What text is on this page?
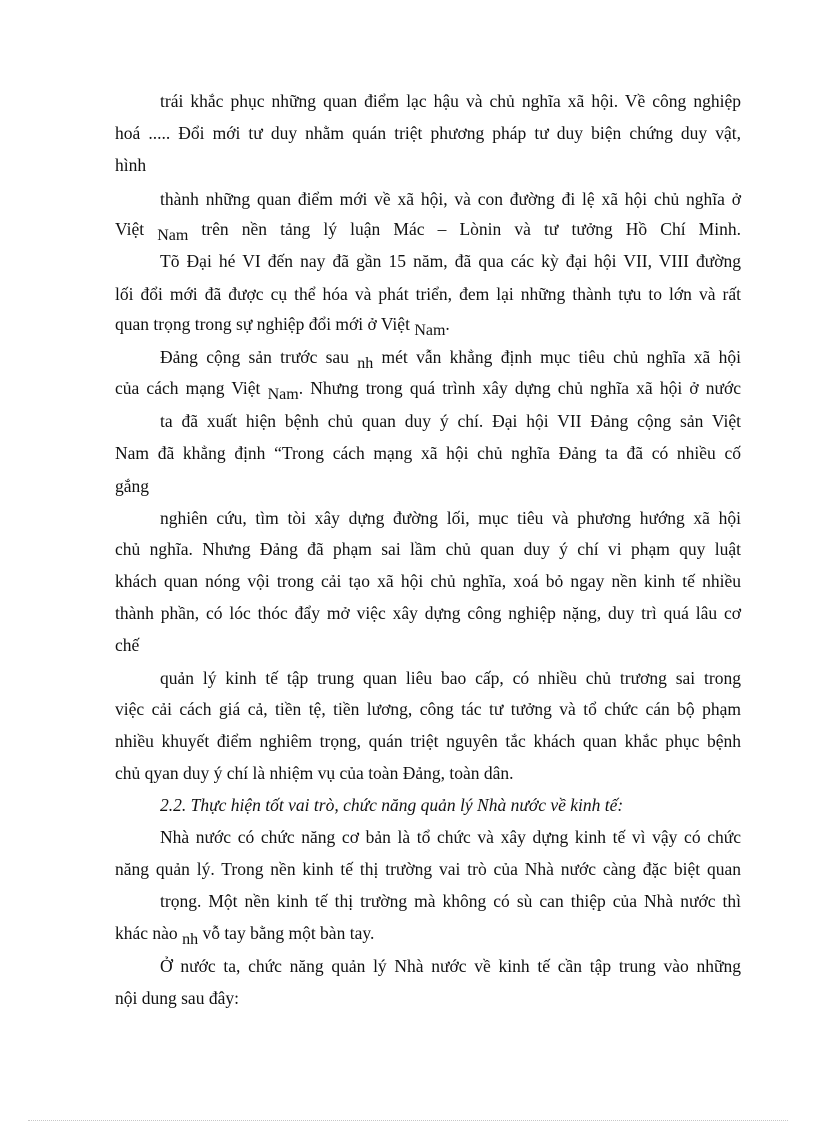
trái khắc phục những quan điểm lạc hậu và chủ nghĩa xã hội. Về công nghiệp
hoá ..... Đổi mới tư duy nhằm quán triệt phương pháp tư duy biện chứng duy vật,
hình
thành những quan điểm mới về xã hội, và con đường đi lệ xã hội chủ nghĩa ở
Việt Nam trên nền tảng lý luận Mác – Lònin và tư tưởng Hồ Chí Minh.
Tõ Đại hé VI đến nay đã gần 15 năm, đã qua các kỳ đại hội VII, VIII đường
lối đổi mới đã được cụ thể hóa và phát triển, đem lại những thành tựu to lớn và rất
quan trọng trong sự nghiệp đổi mới ở Việt Nam.
Đảng cộng sản trước sau nh mét vẫn khẳng định mục tiêu chủ nghĩa xã hội
của cách mạng Việt Nam. Nhưng trong quá trình xây dựng chủ nghĩa xã hội ở nước
ta đã xuất hiện bệnh chủ quan duy ý chí. Đại hội VII Đảng cộng sản Việt
Nam đã khẳng định “Trong cách mạng xã hội chủ nghĩa Đảng ta đã có nhiều cố
gắng
nghiên cứu, tìm tòi xây dựng đường lối, mục tiêu và phương hướng xã hội
chủ nghĩa. Nhưng Đảng đã phạm sai lầm chủ quan duy ý chí vi phạm quy luật
khách quan nóng vội trong cải tạo xã hội chủ nghĩa, xoá bỏ ngay nền kinh tế nhiều
thành phần, có lóc thóc đẩy mở việc xây dựng công nghiệp nặng, duy trì quá lâu cơ
chế
quản lý kinh tế tập trung quan liêu bao cấp, có nhiều chủ trương sai trong
việc cải cách giá cả, tiền tệ, tiền lương, công tác tư tưởng và tổ chức cán bộ phạm
nhiều khuyết điểm nghiêm trọng, quán triệt nguyên tắc khách quan khắc phục bệnh
chủ qyan duy ý chí là nhiệm vụ của toàn Đảng, toàn dân.
2.2. Thực hiện tốt vai trò, chức năng quản lý Nhà nước về kinh tế:
Nhà nước có chức năng cơ bản là tổ chức và xây dựng kinh tế vì vậy có chức
năng quản lý. Trong nền kinh tế thị trường vai trò của Nhà nước càng đặc biệt quan
trọng. Một nền kinh tế thị trường mà không có sù can thiệp của Nhà nước thì
khác nào nh vỗ tay bằng một bàn tay.
Ở nước ta, chức năng quản lý Nhà nước về kinh tế cần tập trung vào những
nội dung sau đây:
